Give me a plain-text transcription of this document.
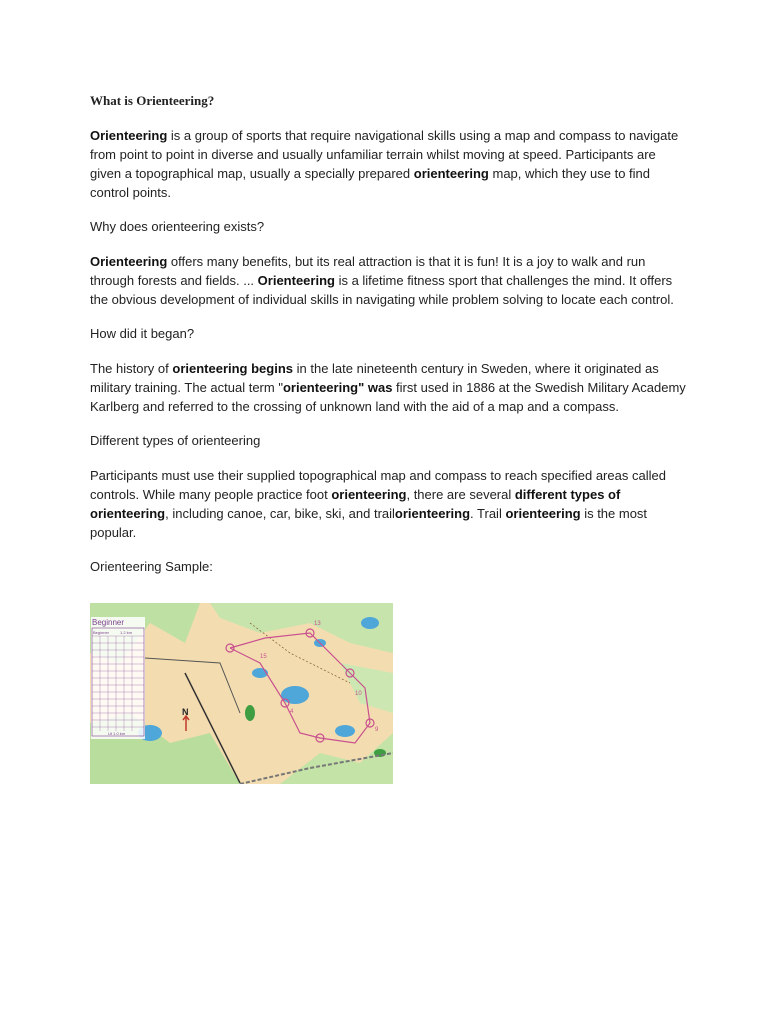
What is Orienteering?

Orienteering is a group of sports that require navigational skills using a map and compass to navigate from point to point in diverse and usually unfamiliar terrain whilst moving at speed. Participants are given a topographical map, usually a specially prepared orienteering map, which they use to find control points.

Why does orienteering exists?

Orienteering offers many benefits, but its real attraction is that it is fun! It is a joy to walk and run through forests and fields. ... Orienteering is a lifetime fitness sport that challenges the mind. It offers the obvious development of individual skills in navigating while problem solving to locate each control.

How did it began?

The history of orienteering begins in the late nineteenth century in Sweden, where it originated as military training. The actual term "orienteering" was first used in 1886 at the Swedish Military Academy Karlberg and referred to the crossing of unknown land with the aid of a map and a compass.

Different types of orienteering

Participants must use their supplied topographical map and compass to reach specified areas called controls. While many people practice foot orienteering, there are several different types of orienteering, including canoe, car, bike, ski, and trailorienteering. Trail orienteering is the most popular.

Orienteering Sample:
13
10
15
9
4
Beginner
Beginner	1.2 km
Ut 1.0 km
N
